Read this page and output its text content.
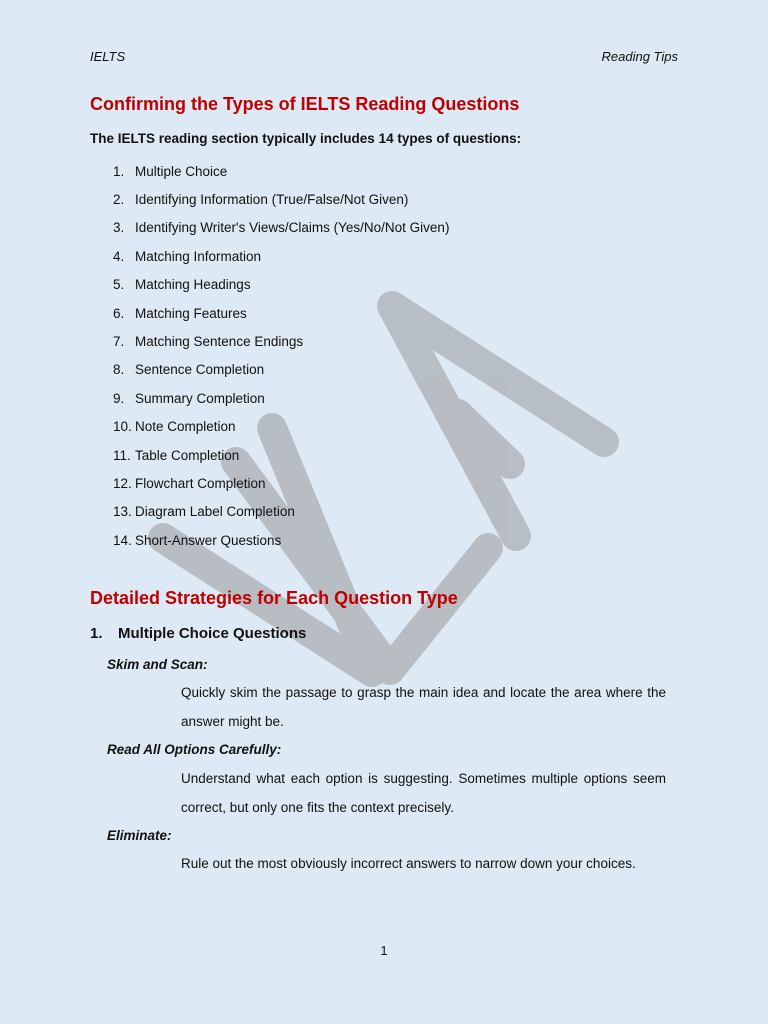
IELTS	Reading Tips
Confirming the Types of IELTS Reading Questions
The IELTS reading section typically includes 14 types of questions:
1. Multiple Choice
2. Identifying Information (True/False/Not Given)
3. Identifying Writer's Views/Claims (Yes/No/Not Given)
4. Matching Information
5. Matching Headings
6. Matching Features
7. Matching Sentence Endings
8. Sentence Completion
9. Summary Completion
10. Note Completion
11. Table Completion
12. Flowchart Completion
13. Diagram Label Completion
14. Short-Answer Questions
Detailed Strategies for Each Question Type
1. Multiple Choice Questions
Skim and Scan:
Quickly skim the passage to grasp the main idea and locate the area where the answer might be.
Read All Options Carefully:
Understand what each option is suggesting. Sometimes multiple options seem correct, but only one fits the context precisely.
Eliminate:
Rule out the most obviously incorrect answers to narrow down your choices.
1
